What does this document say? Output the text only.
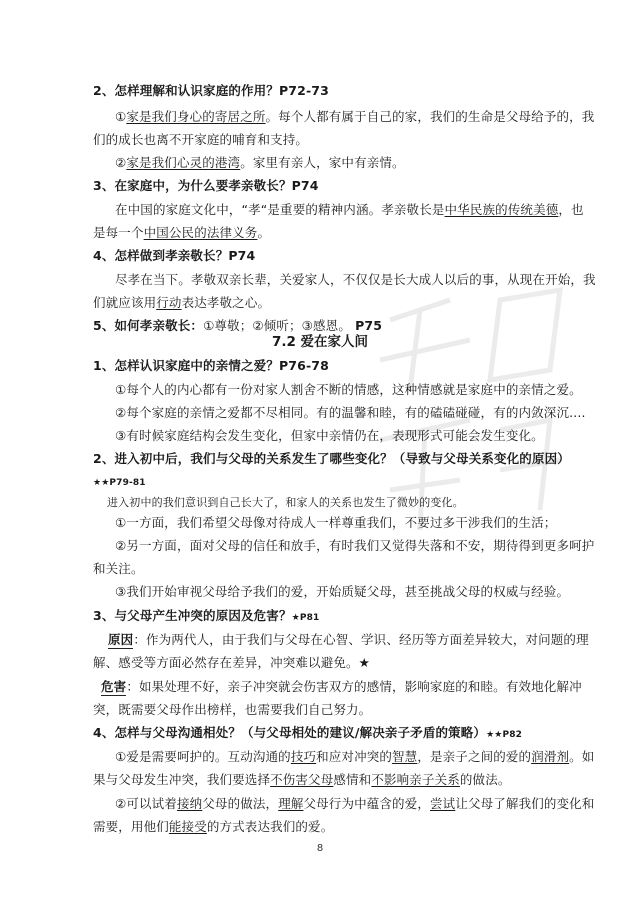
2、怎样理解和认识家庭的作用？P72-73
①家是我们身心的寄居之所。每个人都有属于自己的家，我们的生命是父母给予的，我
们的成长也离不开家庭的哺育和支持。
②家是我们心灵的港湾。家里有亲人，家中有亲情。
3、在家庭中，为什么要孝亲敬长？P74
在中国的家庭文化中，“孝“是重要的精神内涵。孝亲敬长是中华民族的传统美德，也
是每一个中国公民的法律义务。
4、怎样做到孝亲敬长？P74
尽孝在当下。孝敬双亲长辈，关爱家人，不仅仅是长大成人以后的事，从现在开始，我
们就应该用行动表达孝敬之心。
5、如何孝亲敬长：①尊敬；②倾听；③感恩。 P75
7.2 爱在家人间
1、怎样认识家庭中的亲情之爱？P76-78
①每个人的内心都有一份对家人割舍不断的情感，这种情感就是家庭中的亲情之爱。
②每个家庭的亲情之爱都不尽相同。有的温馨和睦，有的磕磕碰碰，有的内敛深沉....
③有时候家庭结构会发生变化，但家中亲情仍在，表现形式可能会发生变化。
2、进入初中后，我们与父母的关系发生了哪些变化？（导致与父母关系变化的原因）
★★P79-81
进入初中的我们意识到自己长大了，和家人的关系也发生了微妙的变化。
①一方面，我们希望父母像对待成人一样尊重我们，不要过多干涉我们的生活；
②另一方面，面对父母的信任和放手，有时我们又觉得失落和不安，期待得到更多呵护
和关注。
③我们开始审视父母给予我们的爱，开始质疑父母，甚至挑战父母的权威与经验。
3、与父母产生冲突的原因及危害？★P81
原因：作为两代人，由于我们与父母在心智、学识、经历等方面差异较大，对问题的理
解、感受等方面必然存在差异，冲突难以避免。★
危害：如果处理不好，亲子冲突就会伤害双方的感情，影响家庭的和睦。有效地化解冲
突，既需要父母作出榜样，也需要我们自己努力。
4、怎样与父母沟通相处？（与父母相处的建议/解决亲子矛盾的策略）★★P82
①爱是需要呵护的。互动沟通的技巧和应对冲突的智慧，是亲子之间的爱的润滑剂。如
果与父母发生冲突，我们要选择不伤害父母感情和不影响亲子关系的做法。
②可以试着接纳父母的做法，理解父母行为中蕴含的爱，尝试让父母了解我们的变化和
需要，用他们能接受的方式表达我们的爱。
8
